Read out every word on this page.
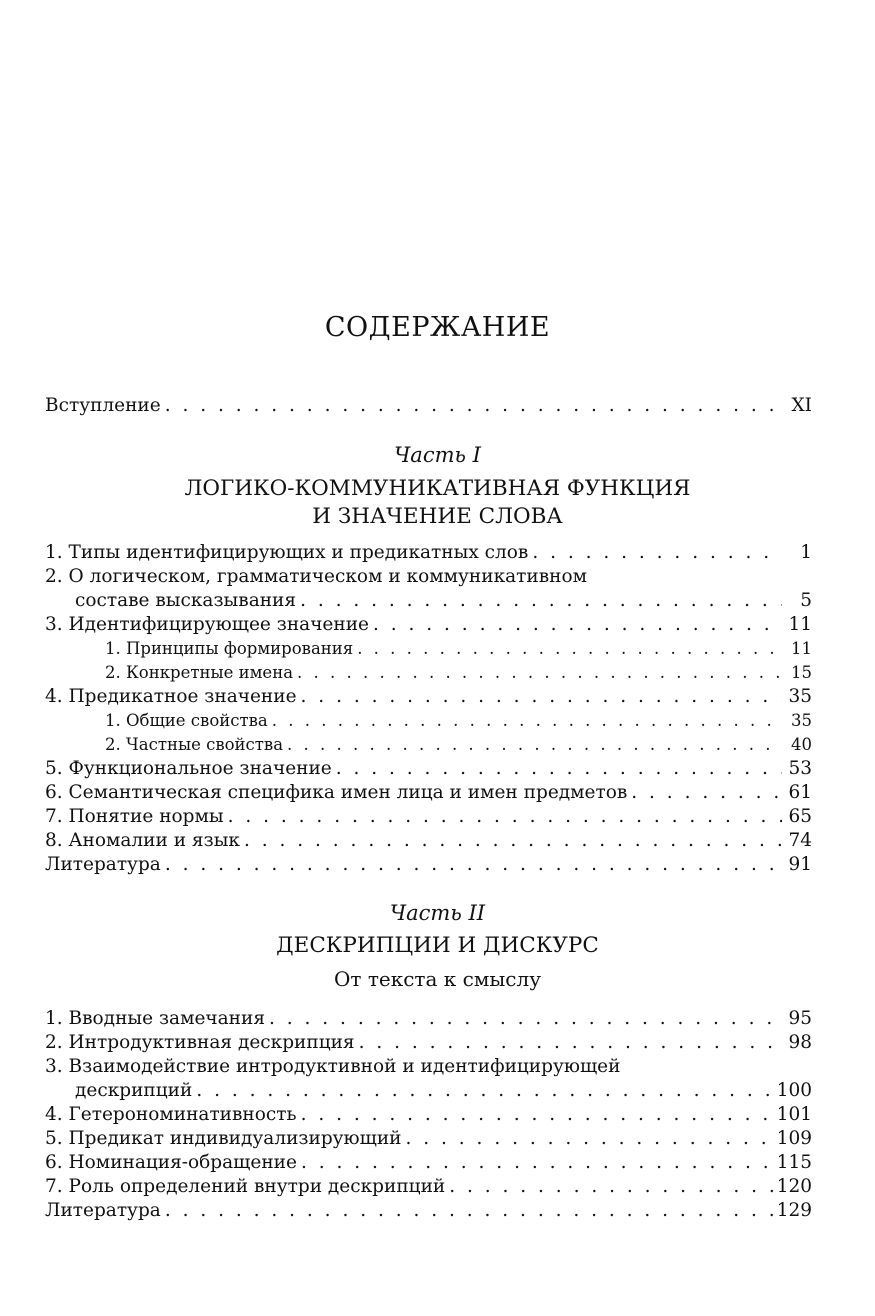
СОДЕРЖАНИЕ
Вступление . . .	XI
Часть I
ЛОГИКО-КОММУНИКАТИВНАЯ ФУНКЦИЯ
И ЗНАЧЕНИЕ СЛОВА
1. Типы идентифицирующих и предикатных слов . . .	1
2. О логическом, грамматическом и коммуникативном
составе высказывания . . .	5
3. Идентифицирующее значение . . .	11
1. Принципы формирования . . .	11
2. Конкретные имена . . .	15
4. Предикатное значение . . .	35
1. Общие свойства . . .	35
2. Частные свойства . . .	40
5. Функциональное значение . . .	53
6. Семантическая специфика имен лица и имен предметов . . .	61
7. Понятие нормы . . .	65
8. Аномалии и язык . . .	74
Литература . . .	91
Часть II
ДЕСКРИПЦИИ И ДИСКУРС
От текста к смыслу
1. Вводные замечания . . .	95
2. Интродуктивная дескрипция . . .	98
3. Взаимодействие интродуктивной и идентифицирующей
дескрипций . . .	100
4. Гетерономинативность . . .	101
5. Предикат индивидуализирующий . . .	109
6. Номинация-обращение . . .	115
7. Роль определений внутри дескрипций . . .	120
Литература . . .	129
